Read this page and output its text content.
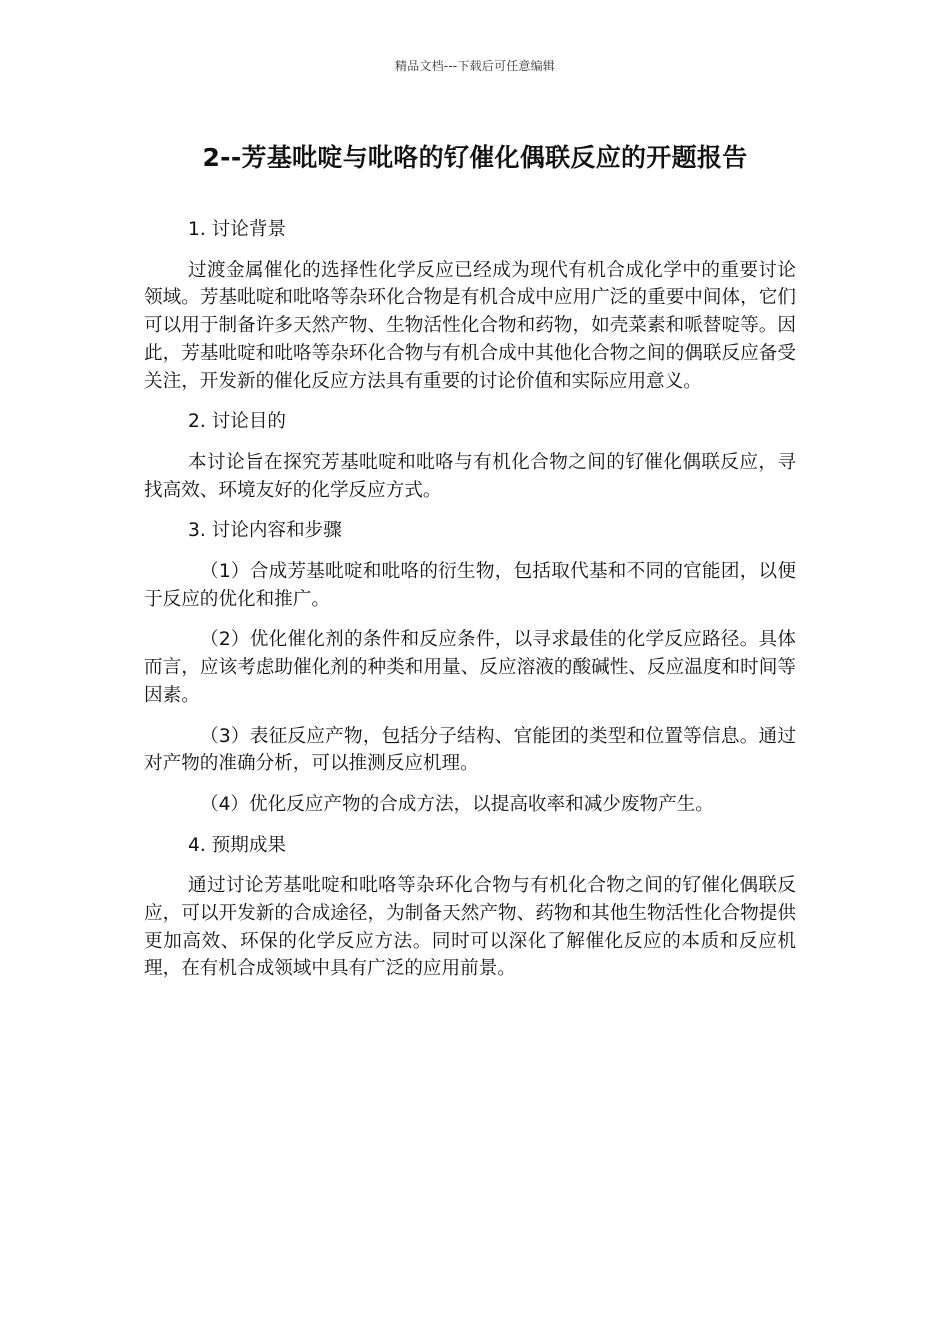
精品文档---下载后可任意编辑
2--芳基吡啶与吡咯的钌催化偶联反应的开题报告

1. 讨论背景

过渡金属催化的选择性化学反应已经成为现代有机合成化学中的重要讨论领域。芳基吡啶和吡咯等杂环化合物是有机合成中应用广泛的重要中间体，它们可以用于制备许多天然产物、生物活性化合物和药物，如壳菜素和哌替啶等。因此，芳基吡啶和吡咯等杂环化合物与有机合成中其他化合物之间的偶联反应备受关注，开发新的催化反应方法具有重要的讨论价值和实际应用意义。

2. 讨论目的

本讨论旨在探究芳基吡啶和吡咯与有机化合物之间的钌催化偶联反应，寻找高效、环境友好的化学反应方式。

3. 讨论内容和步骤

（1）合成芳基吡啶和吡咯的衍生物，包括取代基和不同的官能团，以便于反应的优化和推广。

（2）优化催化剂的条件和反应条件，以寻求最佳的化学反应路径。具体而言，应该考虑助催化剂的种类和用量、反应溶液的酸碱性、反应温度和时间等因素。

（3）表征反应产物，包括分子结构、官能团的类型和位置等信息。通过对产物的准确分析，可以推测反应机理。

（4）优化反应产物的合成方法，以提高收率和减少废物产生。

4. 预期成果

通过讨论芳基吡啶和吡咯等杂环化合物与有机化合物之间的钌催化偶联反应，可以开发新的合成途径，为制备天然产物、药物和其他生物活性化合物提供更加高效、环保的化学反应方法。同时可以深化了解催化反应的本质和反应机理，在有机合成领域中具有广泛的应用前景。
